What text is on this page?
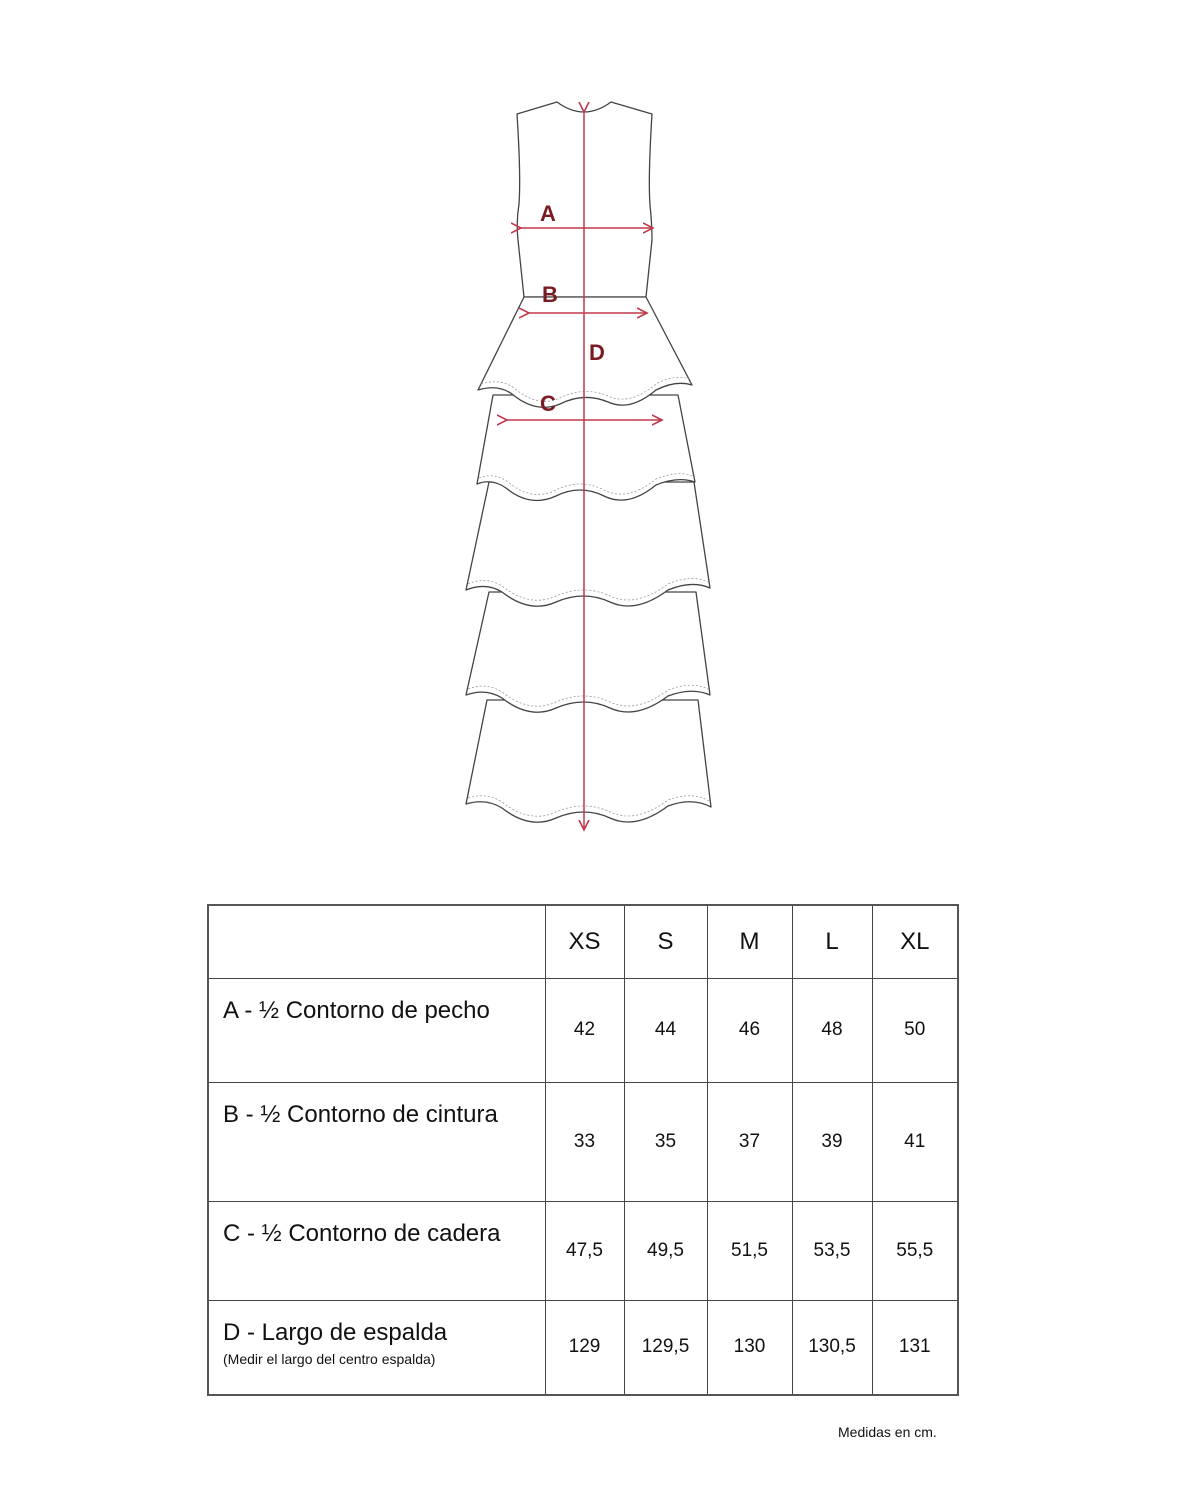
A
B
C
D
	XS	S	M	L	XL
A - ½ Contorno de pecho	42	44	46	48	50
B - ½ Contorno de cintura	33	35	37	39	41
C - ½ Contorno de cadera	47,5	49,5	51,5	53,5	55,5
D - Largo de espalda
(Medir el largo del centro espalda)	129	129,5	130	130,5	131
Medidas en cm.
